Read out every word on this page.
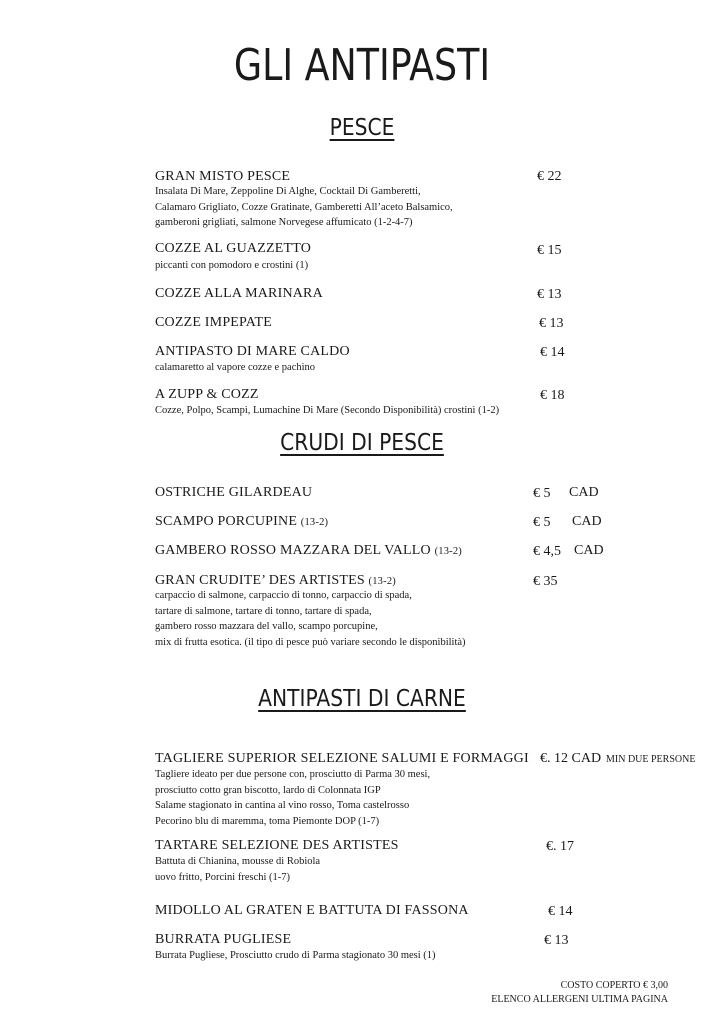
GLI ANTIPASTI
PESCE
GRAN MISTO PESCE	€ 22
Insalata Di Mare, Zeppoline Di Alghe, Cocktail Di Gamberetti,
Calamaro Grigliato, Cozze Gratinate, Gamberetti All’aceto Balsamico,
gamberoni grigliati, salmone Norvegese affumicato (1-2-4-7)
COZZE AL GUAZZETTO	€ 15
piccanti con pomodoro e crostini (1)
COZZE ALLA MARINARA	€ 13
COZZE IMPEPATE	€ 13
ANTIPASTO DI MARE CALDO	€ 14
calamaretto al vapore cozze e pachino
A ZUPP & COZZ	€ 18
Cozze, Polpo, Scampi, Lumachine Di Mare (Secondo Disponibilità) crostini (1-2)
CRUDI DI PESCE
OSTRICHE GILARDEAU	€ 5 CAD
SCAMPO PORCUPINE (13-2)	€ 5 CAD
GAMBERO ROSSO MAZZARA DEL VALLO (13-2)	€ 4,5 CAD
GRAN CRUDITE’ DES ARTISTES (13-2)	€ 35
carpaccio di salmone, carpaccio di tonno, carpaccio di spada,
tartare di salmone, tartare di tonno, tartare di spada,
gambero rosso mazzara del vallo, scampo porcupine,
mix di frutta esotica. (il tipo di pesce può variare secondo le disponibilità)
ANTIPASTI DI CARNE
TAGLIERE SUPERIOR SELEZIONE SALUMI E FORMAGGI €. 12 CAD MIN DUE PERSONE
Tagliere ideato per due persone con, prosciutto di Parma 30 mesi,
prosciutto cotto gran biscotto, lardo di Colonnata IGP
Salame stagionato in cantina al vino rosso, Toma castelrosso
Pecorino blu di maremma, toma Piemonte DOP (1-7)
TARTARE SELEZIONE DES ARTISTES	€. 17
Battuta di Chianina, mousse di Robiola
uovo fritto, Porcini freschi (1-7)
MIDOLLO AL GRATEN E BATTUTA DI FASSONA	€ 14
BURRATA PUGLIESE	€ 13
Burrata Pugliese, Prosciutto crudo di Parma stagionato 30 mesi (1)
COSTO COPERTO € 3,00
ELENCO ALLERGENI ULTIMA PAGINA
